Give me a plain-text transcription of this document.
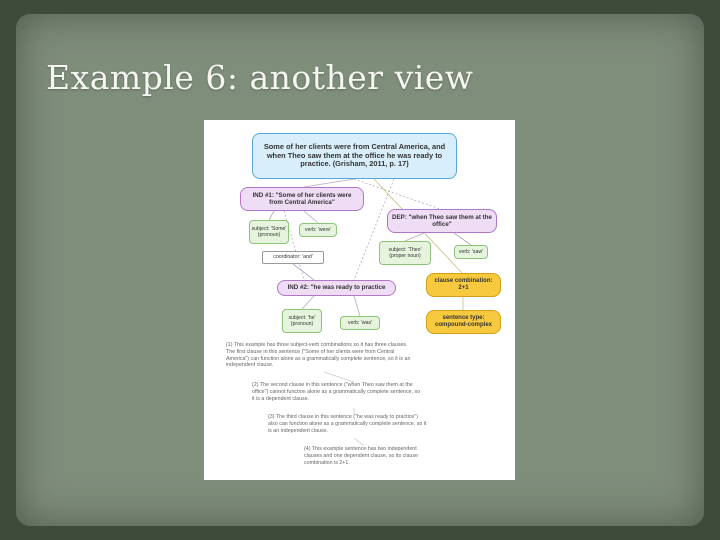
Example 6: another view
Some of her clients were from Central America, and when Theo saw them at the office he was ready to practice. (Grisham, 2011, p. 17)
IND #1: "Some of her clients were from Central America"
DEP: "when Theo saw them at the office"
subject: 'Some' (pronoun)
verb: 'were'
subject: 'Theo' (proper noun)
verb: 'saw'
coordinator: 'and'
IND #2: "he was ready to practice
subject: 'he' (pronoun)	verb: 'was'
clause combination: 2+1
sentence type: compound-complex
(1) This example has three subject-verb combinations so it has three clauses. The first clause in this sentence ("Some of her clients were from Central America") can function alone as a grammatically complete sentence, so it is an independent clause.
(2) The second clause in this sentence ("when Theo saw them at the office") cannot function alone as a grammatically complete sentence, so it is a dependent clause.
(3) The third clause in this sentence ("he was ready to practice") also can function alone as a grammatically complete sentence, so it is an independent clause.
(4) This example sentence has two independent clauses and one dependent clause, so its clause combination is 2+1.
